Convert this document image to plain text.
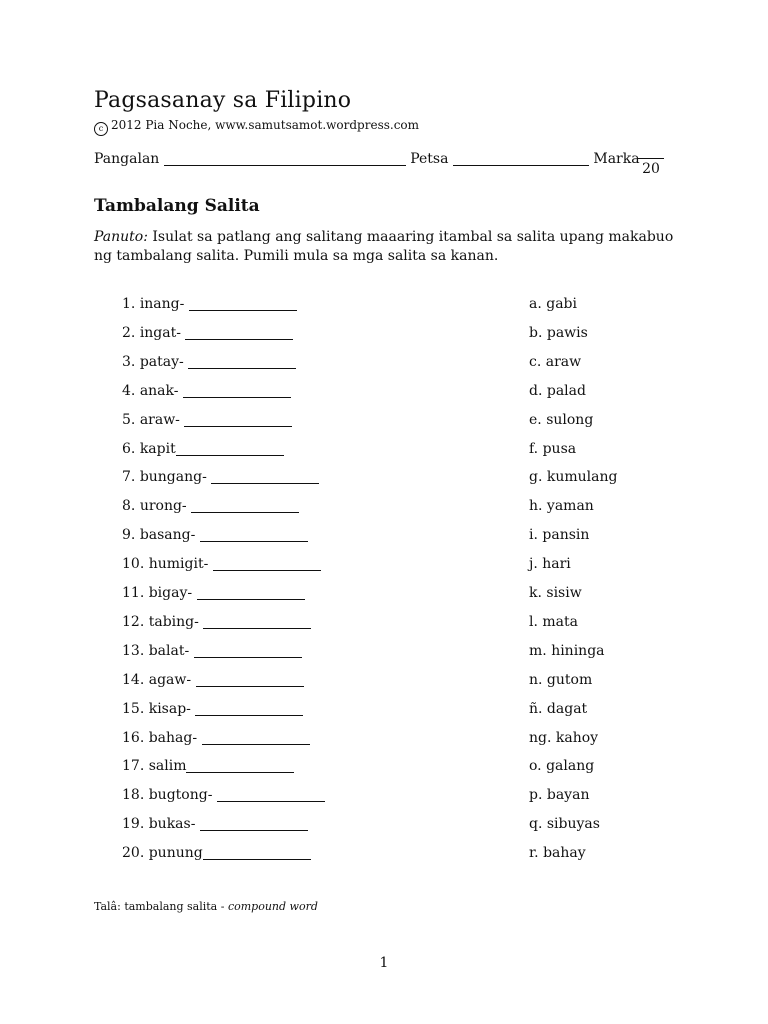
Pagsasanay sa Filipino
c 2012 Pia Noche, www.samutsamot.wordpress.com
Pangalan	Petsa	Marka
20
Tambalang Salita
Panuto: Isulat sa patlang ang salitang maaaring itambal sa salita upang makabuo ng tambalang salita. Pumili mula sa mga salita sa kanan.
1. inang-	a. gabi
2. ingat-	b. pawis
3. patay-	c. araw
4. anak-	d. palad
5. araw-	e. sulong
6. kapit	f. pusa
7. bungang-	g. kumulang
8. urong-	h. yaman
9. basang-	i. pansin
10. humigit-	j. hari
11. bigay-	k. sisiw
12. tabing-	l. mata
13. balat-	m. hininga
14. agaw-	n. gutom
15. kisap-	ñ. dagat
16. bahag-	ng. kahoy
17. salim	o. galang
18. bugtong-	p. bayan
19. bukas-	q. sibuyas
20. punung	r. bahay
Talâ: tambalang salita - compound word
1
